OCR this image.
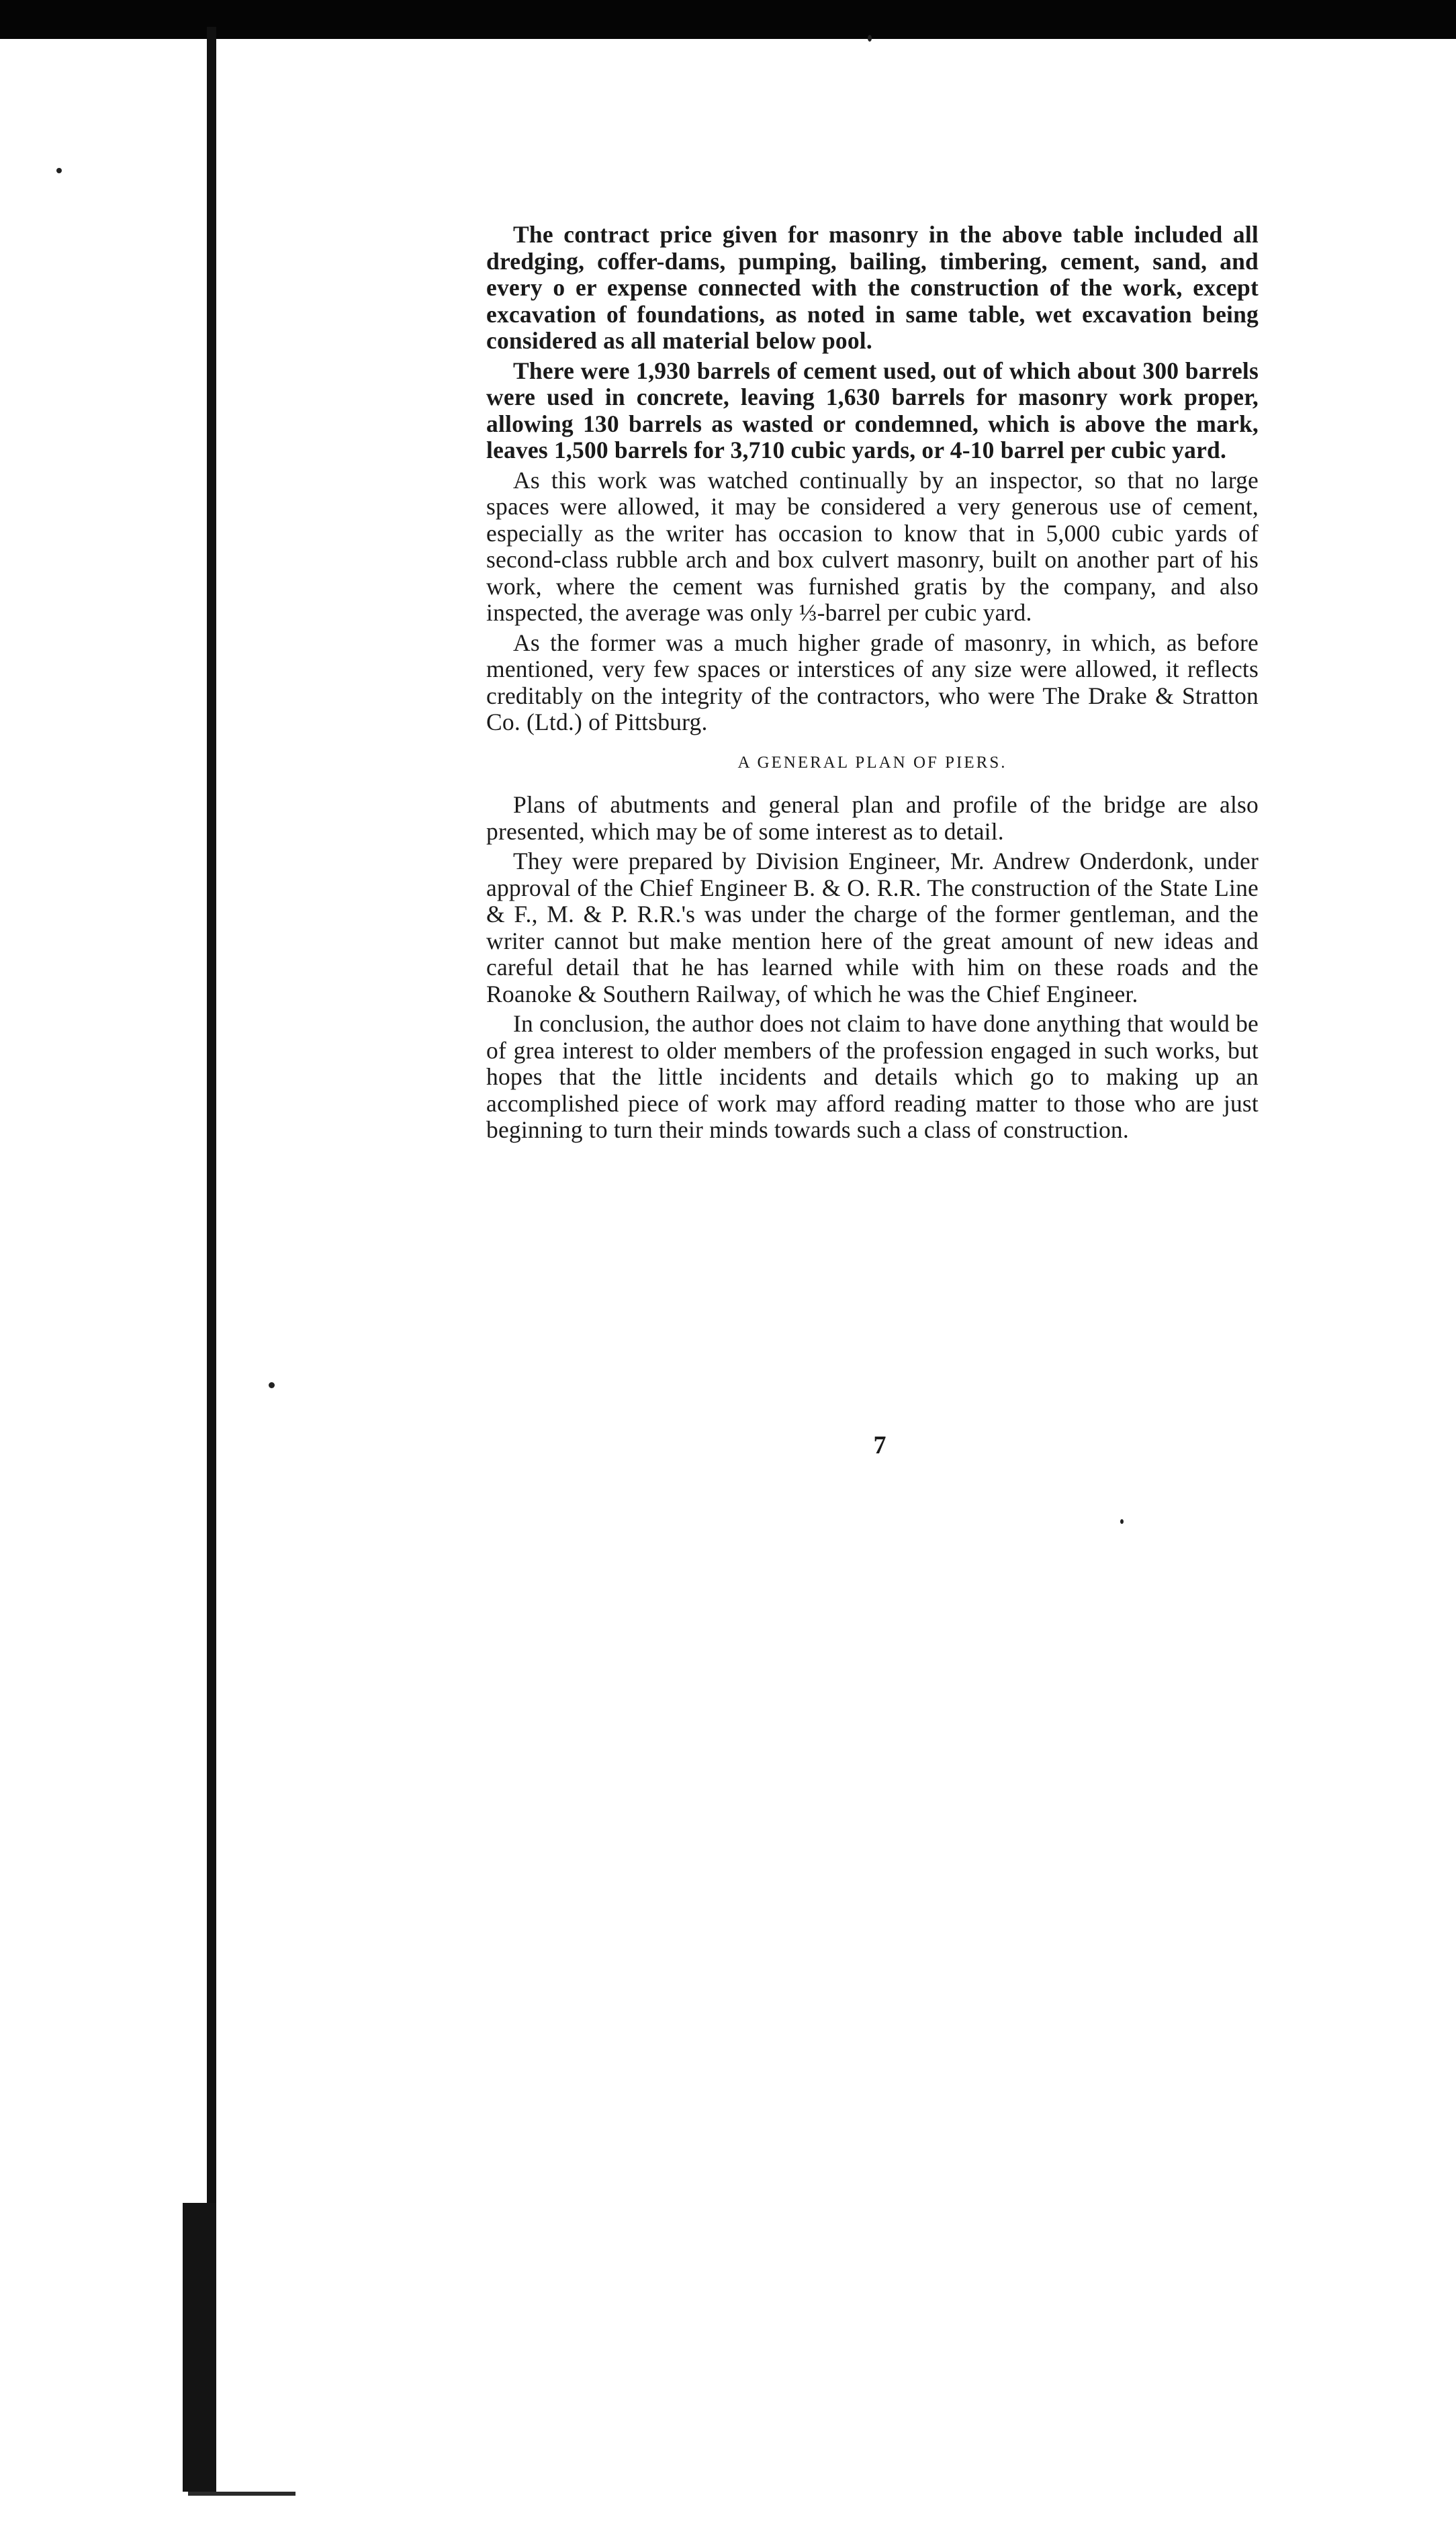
The contract price given for masonry in the above table included all dredging, coffer-dams, pumping, bailing, timbering, cement, sand, and every o er expense connected with the construction of the work, except excavation of foundations, as noted in same table, wet excavation being considered as all material below pool.

There were 1,930 barrels of cement used, out of which about 300 barrels were used in concrete, leaving 1,630 barrels for masonry work proper, allowing 130 barrels as wasted or condemned, which is above the mark, leaves 1,500 barrels for 3,710 cubic yards, or 4-10 barrel per cubic yard.

As this work was watched continually by an inspector, so that no large spaces were allowed, it may be considered a very generous use of cement, especially as the writer has occasion to know that in 5,000 cubic yards of second-class rubble arch and box culvert masonry, built on another part of his work, where the cement was furnished gratis by the company, and also inspected, the average was only ⅓-barrel per cubic yard.

As the former was a much higher grade of masonry, in which, as before mentioned, very few spaces or interstices of any size were allowed, it reflects creditably on the integrity of the contractors, who were The Drake & Stratton Co. (Ltd.) of Pittsburg.

A GENERAL PLAN OF PIERS.

Plans of abutments and general plan and profile of the bridge are also presented, which may be of some interest as to detail.

They were prepared by Division Engineer, Mr. Andrew Onderdonk, under approval of the Chief Engineer B. & O. R.R. The construction of the State Line & F., M. & P. R.R.'s was under the charge of the former gentleman, and the writer cannot but make mention here of the great amount of new ideas and careful detail that he has learned while with him on these roads and the Roanoke & Southern Railway, of which he was the Chief Engineer.

In conclusion, the author does not claim to have done anything that would be of grea interest to older members of the profession engaged in such works, but hopes that the little incidents and details which go to making up an accomplished piece of work may afford reading matter to those who are just beginning to turn their minds towards such a class of construction.

7
